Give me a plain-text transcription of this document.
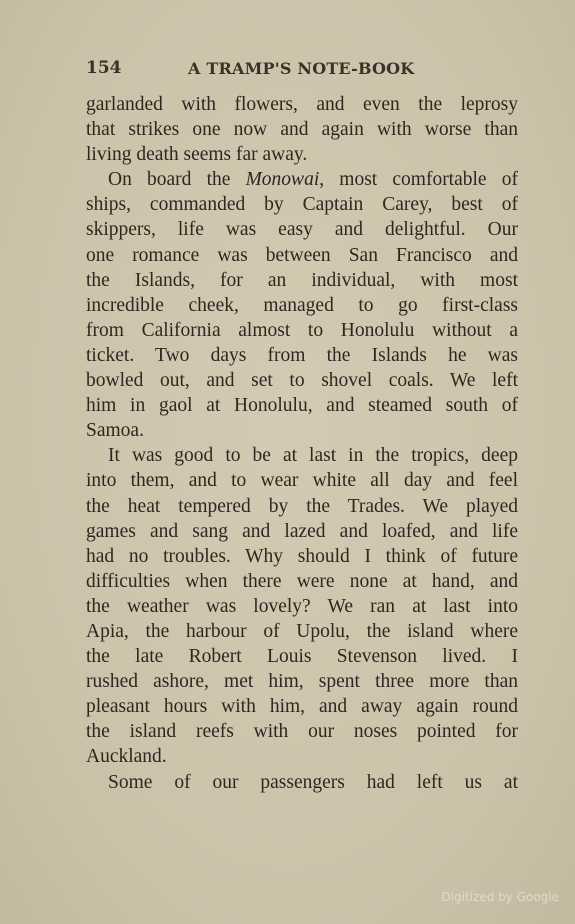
154	A TRAMP'S NOTE-BOOK
garlanded with flowers, and even the leprosy
that strikes one now and again with worse than
living death seems far away.
On board the Monowai, most comfortable of
ships, commanded by Captain Carey, best of
skippers, life was easy and delightful. Our
one romance was between San Francisco and
the Islands, for an individual, with most
incredible cheek, managed to go first-class
from California almost to Honolulu without a
ticket. Two days from the Islands he was
bowled out, and set to shovel coals. We left
him in gaol at Honolulu, and steamed south of
Samoa.
It was good to be at last in the tropics, deep
into them, and to wear white all day and feel
the heat tempered by the Trades. We played
games and sang and lazed and loafed, and life
had no troubles. Why should I think of future
difficulties when there were none at hand, and
the weather was lovely? We ran at last into
Apia, the harbour of Upolu, the island where
the late Robert Louis Stevenson lived. I
rushed ashore, met him, spent three more than
pleasant hours with him, and away again round
the island reefs with our noses pointed for
Auckland.
Some of our passengers had left us at
Digitized by Google
